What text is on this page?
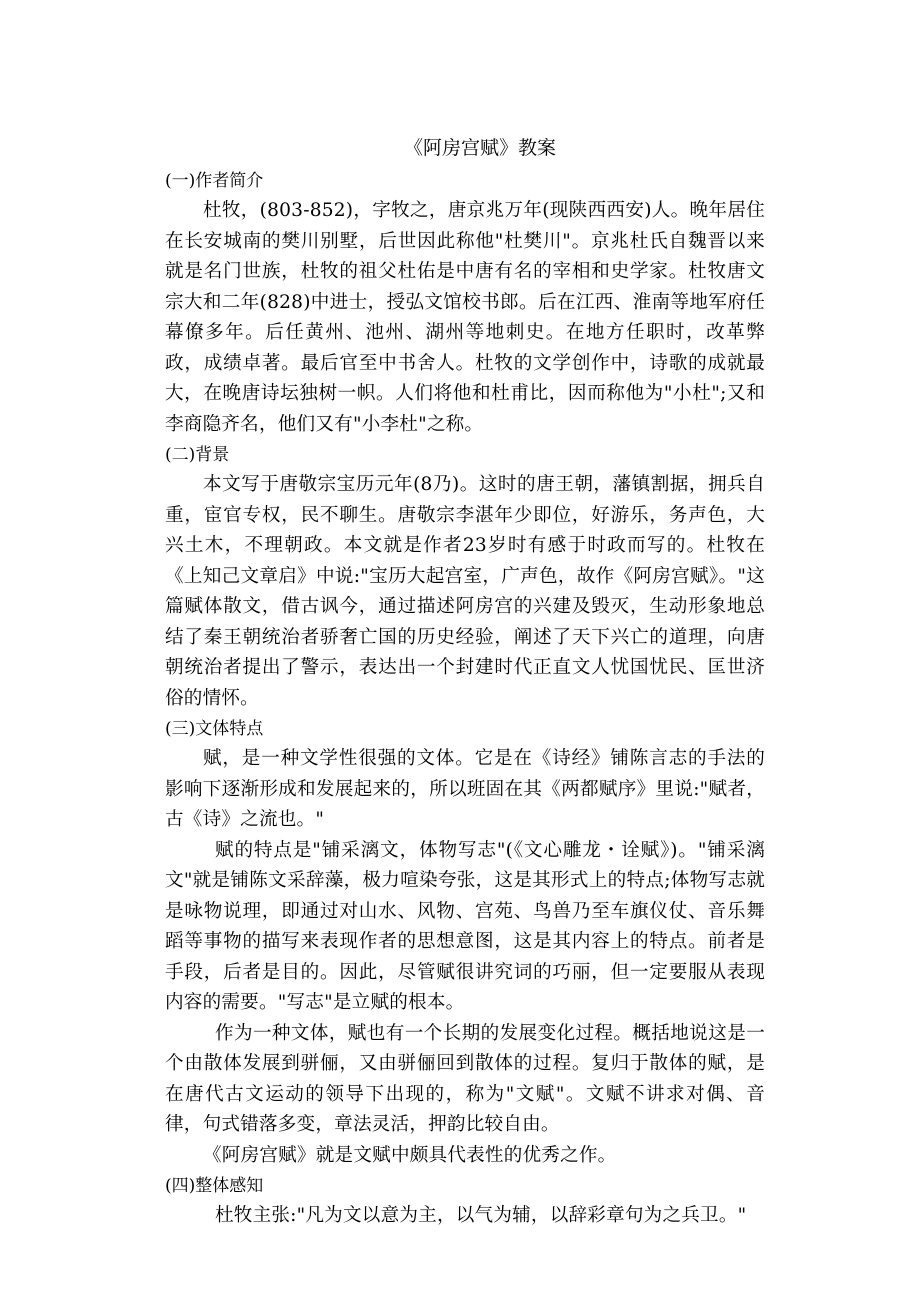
《阿房宫赋》教案

(一)作者简介

杜牧，(803-852)，字牧之，唐京兆万年(现陕西西安)人。晚年居住在长安城南的樊川别墅，后世因此称他"杜樊川"。京兆杜氏自魏晋以来就是名门世族，杜牧的祖父杜佑是中唐有名的宰相和史学家。杜牧唐文宗大和二年(828)中进士，授弘文馆校书郎。后在江西、淮南等地军府任幕僚多年。后任黄州、池州、湖州等地刺史。在地方任职时，改革弊政，成绩卓著。最后官至中书舍人。杜牧的文学创作中，诗歌的成就最大，在晚唐诗坛独树一帜。人们将他和杜甫比，因而称他为"小杜";又和李商隐齐名，他们又有"小李杜"之称。

(二)背景

本文写于唐敬宗宝历元年(8乃)。这时的唐王朝，藩镇割据，拥兵自重，宦官专权，民不聊生。唐敬宗李湛年少即位，好游乐，务声色，大兴土木，不理朝政。本文就是作者23岁时有感于时政而写的。杜牧在《上知己文章启》中说:"宝历大起宫室，广声色，故作《阿房宫赋》。"这篇赋体散文，借古讽今，通过描述阿房宫的兴建及毁灭，生动形象地总结了秦王朝统治者骄奢亡国的历史经验，阐述了天下兴亡的道理，向唐朝统治者提出了警示，表达出一个封建时代正直文人忧国忧民、匡世济俗的情怀。

(三)文体特点

赋，是一种文学性很强的文体。它是在《诗经》铺陈言志的手法的影响下逐渐形成和发展起来的，所以班固在其《两都赋序》里说:"赋者，古《诗》之流也。"

赋的特点是"铺采漓文，体物写志"(《文心雕龙・诠赋》)。"铺采漓文"就是铺陈文采辞藻，极力喧染夸张，这是其形式上的特点;体物写志就是咏物说理，即通过对山水、风物、宫苑、鸟兽乃至车旗仪仗、音乐舞蹈等事物的描写来表现作者的思想意图，这是其内容上的特点。前者是手段，后者是目的。因此，尽管赋很讲究词的巧丽，但一定要服从表现内容的需要。"写志"是立赋的根本。

作为一种文体，赋也有一个长期的发展变化过程。概括地说这是一个由散体发展到骈俪，又由骈俪回到散体的过程。复归于散体的赋，是在唐代古文运动的领导下出现的，称为"文赋"。文赋不讲求对偶、音律，句式错落多变，章法灵活，押韵比较自由。

《阿房宫赋》就是文赋中颇具代表性的优秀之作。

(四)整体感知

杜牧主张:"凡为文以意为主，以气为辅，以辞彩章句为之兵卫。"
